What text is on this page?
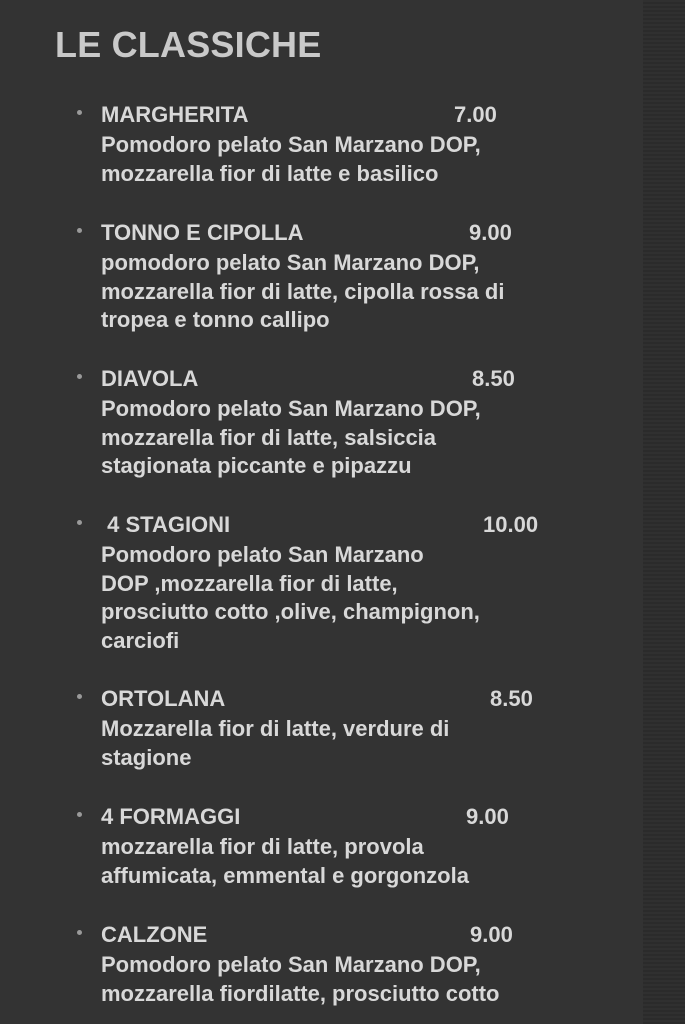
LE CLASSICHE
MARGHERITA	7.00
Pomodoro pelato San Marzano DOP,
mozzarella fior di latte e basilico
TONNO E CIPOLLA	9.00
pomodoro pelato San Marzano DOP,
mozzarella fior di latte, cipolla rossa di
tropea e tonno callipo
DIAVOLA	8.50
Pomodoro pelato San Marzano DOP,
mozzarella fior di latte, salsiccia
stagionata piccante e pipazzu
4 STAGIONI	10.00
Pomodoro pelato San Marzano
DOP ,mozzarella fior di latte,
prosciutto cotto ,olive, champignon,
carciofi
ORTOLANA	8.50
Mozzarella fior di latte, verdure di
stagione
4 FORMAGGI	9.00
mozzarella fior di latte, provola
affumicata, emmental e gorgonzola
CALZONE	9.00
Pomodoro pelato San Marzano DOP,
mozzarella fiordilatte, prosciutto cotto
